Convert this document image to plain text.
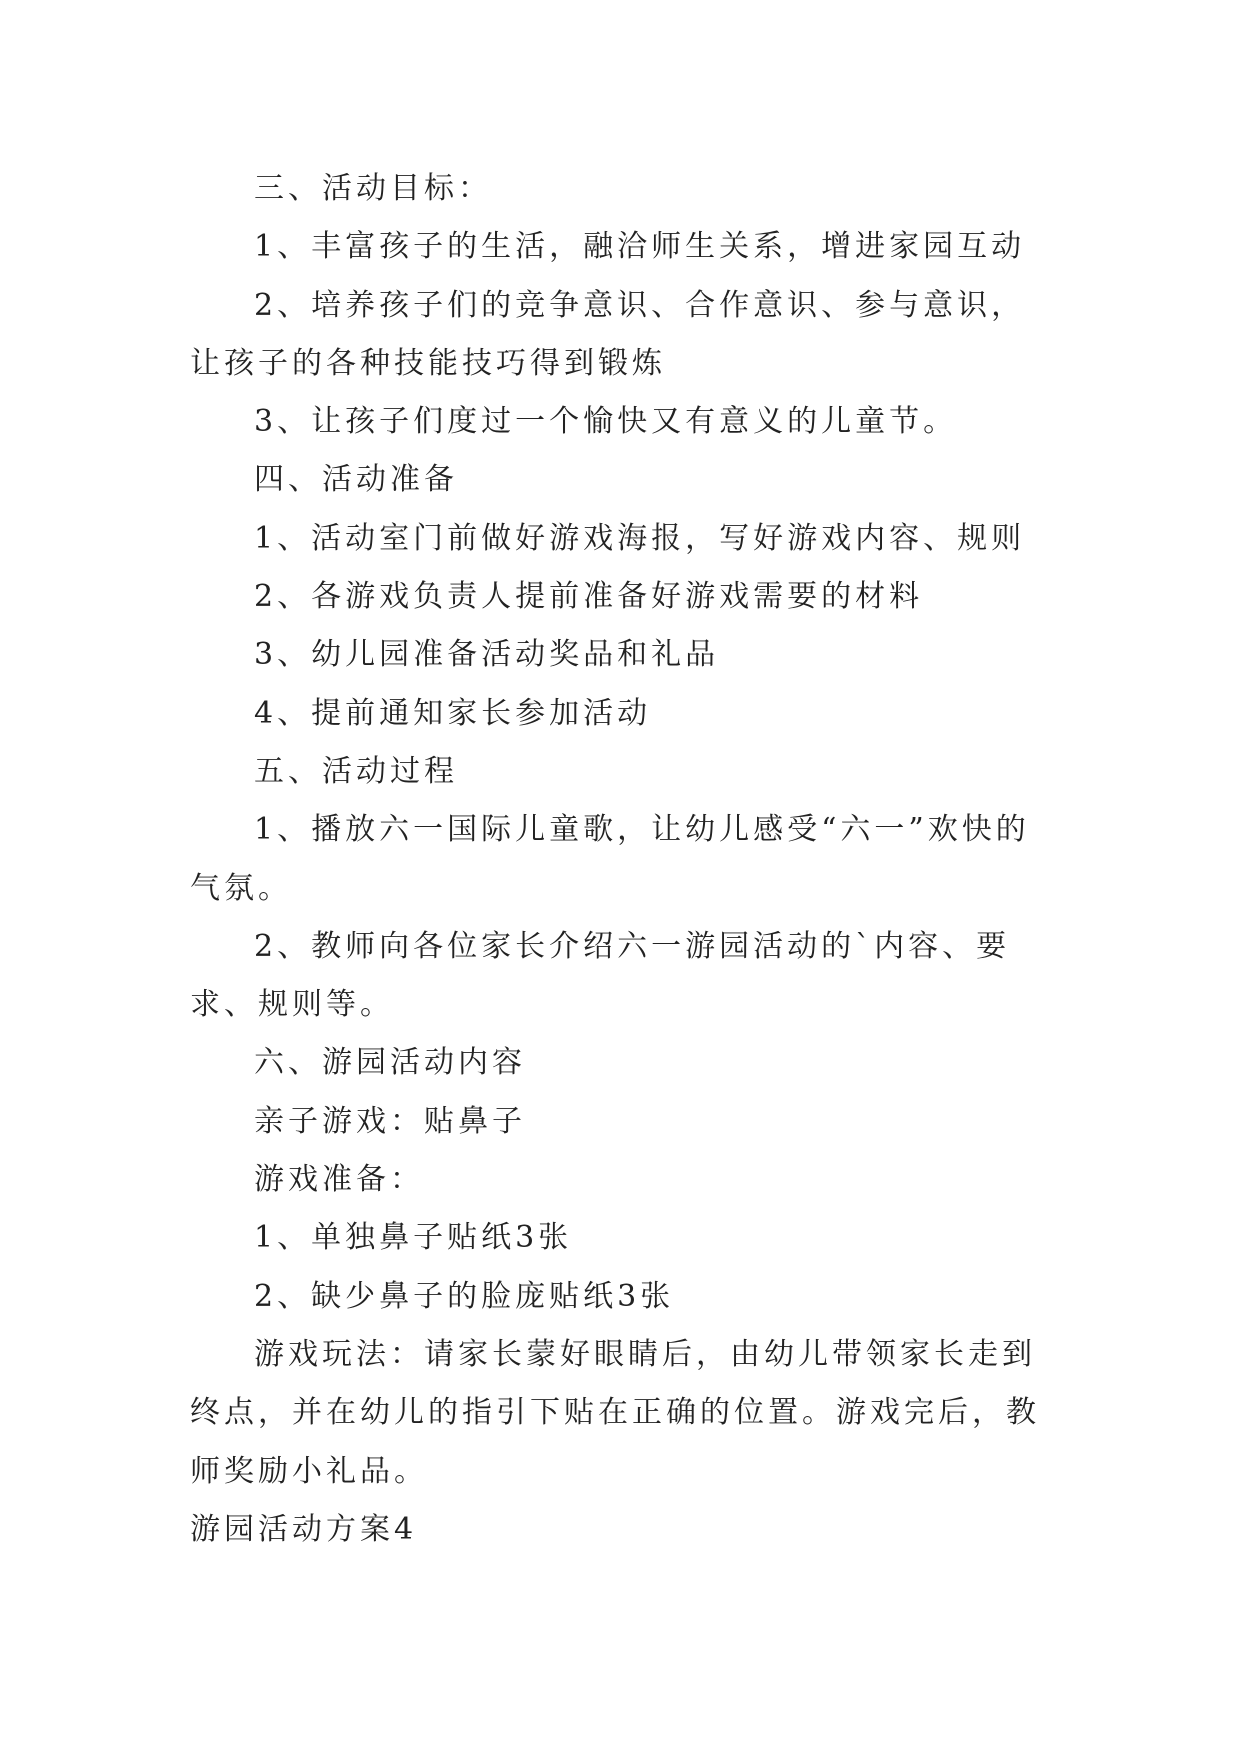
三、活动目标：

1、丰富孩子的生活，融洽师生关系，增进家园互动

2、培养孩子们的竞争意识、合作意识、参与意识，让孩子的各种技能技巧得到锻炼

3、让孩子们度过一个愉快又有意义的儿童节。

四、活动准备

1、活动室门前做好游戏海报，写好游戏内容、规则

2、各游戏负责人提前准备好游戏需要的材料

3、幼儿园准备活动奖品和礼品

4、提前通知家长参加活动

五、活动过程

1、播放六一国际儿童歌，让幼儿感受“六一”欢快的气氛。

2、教师向各位家长介绍六一游园活动的`内容、要求、规则等。

六、游园活动内容

亲子游戏：贴鼻子

游戏准备：

1、单独鼻子贴纸3张

2、缺少鼻子的脸庞贴纸3张

游戏玩法：请家长蒙好眼睛后，由幼儿带领家长走到终点，并在幼儿的指引下贴在正确的位置。游戏完后，教师奖励小礼品。

游园活动方案4
